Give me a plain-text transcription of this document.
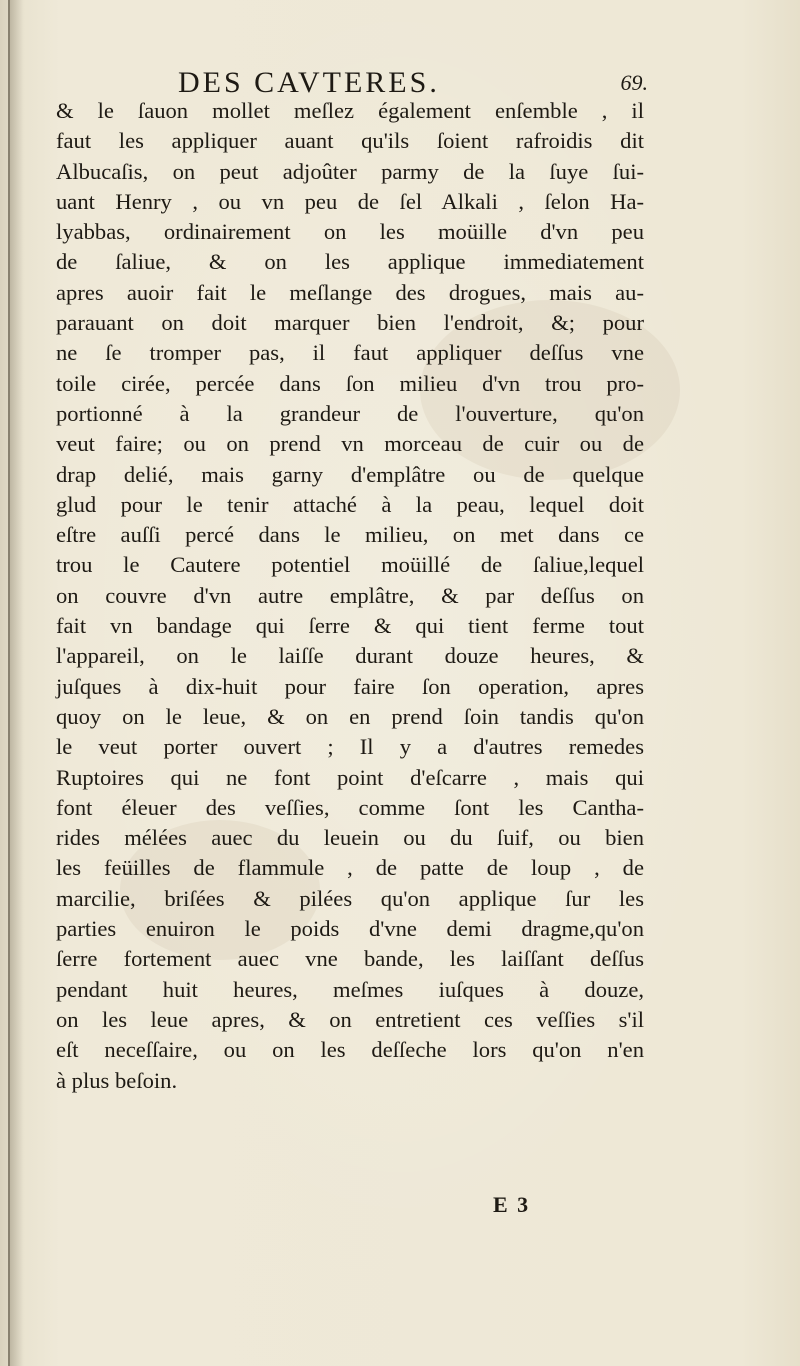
DES CAVTERES.	69.
& le ſauon mollet meſlez également enſemble , il
faut les appliquer auant qu'ils ſoient rafroidis dit
Albucaſis, on peut adjoûter parmy de la ſuye ſui-
uant Henry , ou vn peu de ſel Alkali , ſelon Ha-
lyabbas, ordinairement on les moüille d'vn peu
de ſaliue, & on les applique immediatement
apres auoir fait le meſlange des drogues, mais au-
parauant on doit marquer bien l'endroit, &; pour
ne ſe tromper pas, il faut appliquer deſſus vne
toile cirée, percée dans ſon milieu d'vn trou pro-
portionné à la grandeur de l'ouverture, qu'on
veut faire; ou on prend vn morceau de cuir ou de
drap delié, mais garny d'emplâtre ou de quelque
glud pour le tenir attaché à la peau, lequel doit
eſtre auſſi percé dans le milieu, on met dans ce
trou le Cautere potentiel moüillé de ſaliue,lequel
on couvre d'vn autre emplâtre, & par deſſus on
fait vn bandage qui ſerre & qui tient ferme tout
l'appareil, on le laiſſe durant douze heures, &
juſques à dix-huit pour faire ſon operation, apres
quoy on le leue, & on en prend ſoin tandis qu'on
le veut porter ouvert ; Il y a d'autres remedes
Ruptoires qui ne font point d'eſcarre , mais qui
font éleuer des veſſies, comme ſont les Cantha-
rides mélées auec du leuein ou du ſuif, ou bien
les feüilles de flammule , de patte de loup , de
marcilie, briſées & pilées qu'on applique ſur les
parties enuiron le poids d'vne demi dragme,qu'on
ſerre fortement auec vne bande, les laiſſant deſſus
pendant huit heures, meſmes iuſques à douze,
on les leue apres, & on entretient ces veſſies s'il
eſt neceſſaire, ou on les deſſeche lors qu'on n'en
à plus beſoin.
E 3
